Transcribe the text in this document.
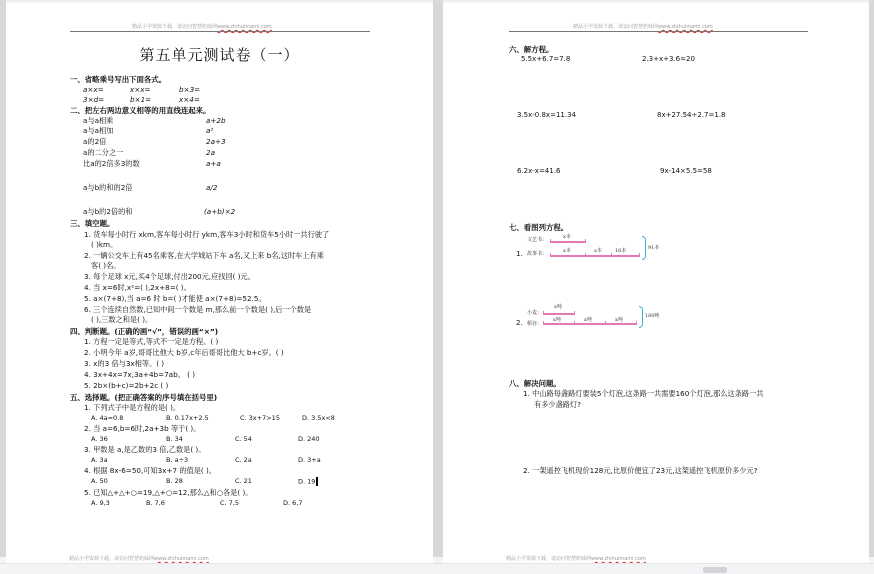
精品小学资源下载，请访问智慧奶味网www.zhihuimami.com
第五单元测试卷（一）
一、省略乘号写出下面各式。
a×x=	x×x=	b×3=
3×d=	b×1=	x×4=
二、把左右两边意义相等的用直线连起来。
a与a相乘
a与a相加
a的2倍
a的二分之一
比a的2倍多3的数
a与b的和的2倍
a与b的2倍的和
a+2b
a²
2a+3
2a
a+a
a/2
(a+b)×2
三、填空题。
1. 货车每小时行 xkm,客车每小时行 ykm,客车3小时和货车5小时一共行驶了
( )km。
2. 一辆公交车上有45名乘客,在大学城站下车 a名,又上来 b名,这时车上有乘
客( )名。
3. 每个足球 x元,买4个足球,付出200元,应找回( )元。
4. 当 x=6时,x²=( ),2x+8=( )。
5. a×(7+8),当 a=6 时 b=( )才能使 a×(7+8)=52.5。
6. 三个连续自然数,已知中间一个数是 m,那么前一个数是( ),后一个数是
( ),三数之和是( )。
四、判断题。(正确的画“√”，错误的画“×”)
1. 方程一定是等式,等式不一定是方程。( )
2. 小明今年 a岁,哥哥比他大 b岁,c年后哥哥比他大 b+c岁。( )
3. x的3 倍与3x相等。( )
4. 3x+4x=7x,3a+4b=7ab。 ( )
5. 2b×(b+c)=2b+2c ( )
五、选择题。(把正确答案的序号填在括号里)
1. 下列式子中是方程的是( )。
A. 4a=0.8	B. 0.17x+2.5	C. 3x+7>15	D. 3.5x<8
2. 当 a=6,b=6时,2a+3b 等于( )。
A. 36	B. 34	C. 54	D. 240
3. 甲数是 a,是乙数的3 倍,乙数是( )。
A. 3a	B. a÷3	C. 2a	D. 3+a
4. 根据 8x-6=50,可知3x+7 的值是( )。
A. 50	B. 28	C. 21	D. 19
5. 已知△+△+○=19,△+○=12,那么△和○各是( )。
A. 9,3	B. 7,6	C. 7,5	D. 6,7
精品小学资源下载，请访问智慧奶味网www.zhihuimami.com
精品小学资源下载，请访问智慧奶味网www.zhihuimami.com
六、解方程。
5.5x+6.7=7.8	2.3+x+3.6=20
3.5x-0.8x=11.34	8x+27.54÷2.7=1.8
6.2x-x=41.6	9x-14×5.5=58
七、看图列方程。
文艺书：	x本
1. 故事书：	x本	x本	16本	91本
小麦：
x吨
2. 稻谷：
x吨	x吨	x吨
180吨
八、解决问题。
1. 中山路每盏路灯要装5个灯泡,这条路一共需要160个灯泡,那么这条路一共
有多少盏路灯?
2. 一架遥控飞机现价128元,比原价便宜了23元,这架遥控飞机原价多少元?
精品小学资源下载，请访问智慧奶味网www.zhihuimami.com
